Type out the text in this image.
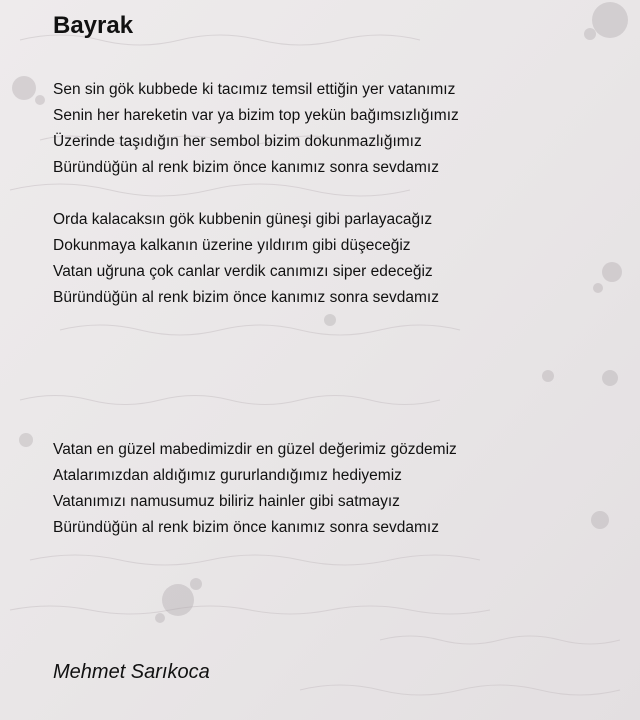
Bayrak
Sen sin gök kubbede ki tacımız temsil ettiğin yer vatanımız
Senin her hareketin var ya bizim top yekün bağımsızlığımız
Üzerinde taşıdığın her sembol bizim dokunmazlığımız
Büründüğün al renk bizim önce kanımız sonra sevdamız
Orda kalacaksın gök kubbenin güneşi gibi parlayacağız
Dokunmaya kalkanın üzerine yıldırım gibi düşeceğiz
Vatan uğruna çok canlar verdik canımızı siper edeceğiz
Büründüğün al renk bizim önce kanımız sonra sevdamız
Vatan en güzel mabedimizdir en güzel değerimiz gözdemiz
Atalarımızdan aldığımız gururlandığımız hediyemiz
Vatanımızı namusumuz biliriz hainler gibi satmayız
Büründüğün al renk bizim önce kanımız sonra sevdamız
Mehmet Sarıkoca
